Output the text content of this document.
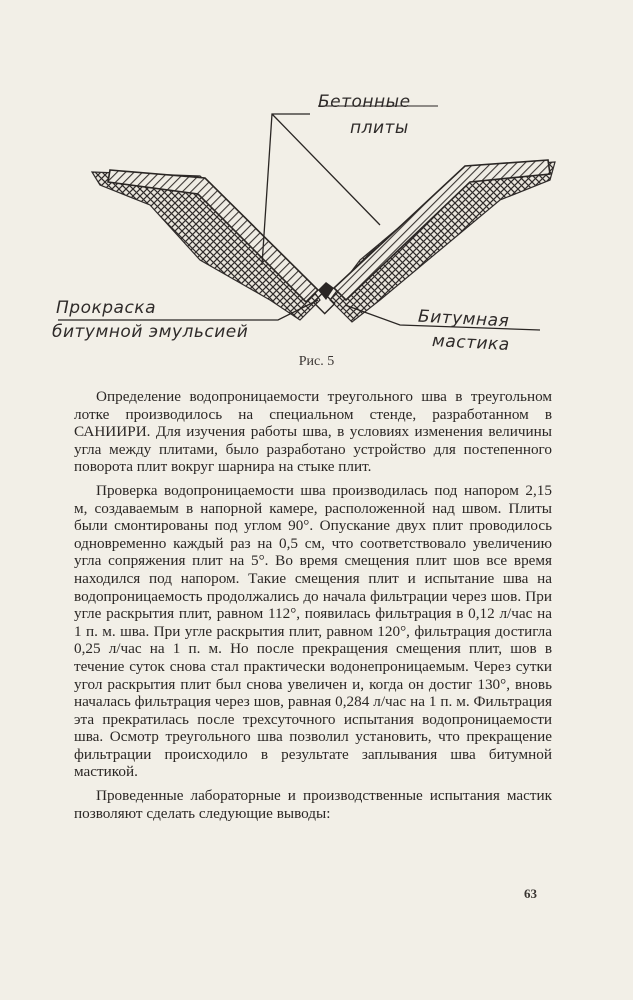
Бетонные
плиты
Прокраска
битумной эмульсией
Битумная
мастика
Рис. 5

Определение водопроницаемости треугольного шва в треугольном лотке производилось на специальном стенде, разработанном в САНИИРИ. Для изучения работы шва, в условиях изменения величины угла между плитами, было разработано устройство для постепенного поворота плит вокруг шарнира на стыке плит.

Проверка водопроницаемости шва производилась под напором 2,15 м, создаваемым в напорной камере, расположенной над швом. Плиты были смонтированы под углом 90°. Опускание двух плит проводилось одновременно каждый раз на 0,5 см, что соответствовало увеличению угла сопряжения плит на 5°. Во время смещения плит шов все время находился под напором. Такие смещения плит и испытание шва на водопроницаемость продолжались до начала фильтрации через шов. При угле раскрытия плит, равном 112°, появилась фильтрация в 0,12 л/час на 1 п. м. шва. При угле раскрытия плит, равном 120°, фильтрация достигла 0,25 л/час на 1 п. м. Но после прекращения смещения плит, шов в течение суток снова стал практически водонепроницаемым. Через сутки угол раскрытия плит был снова увеличен и, когда он достиг 130°, вновь началась фильтрация через шов, равная 0,284 л/час на 1 п. м. Фильтрация эта прекратилась после трехсуточного испытания водопроницаемости шва. Осмотр треугольного шва позволил установить, что прекращение фильтрации происходило в результате заплывания шва битумной мастикой.

Проведенные лабораторные и производственные испытания мастик позволяют сделать следующие выводы:

63
